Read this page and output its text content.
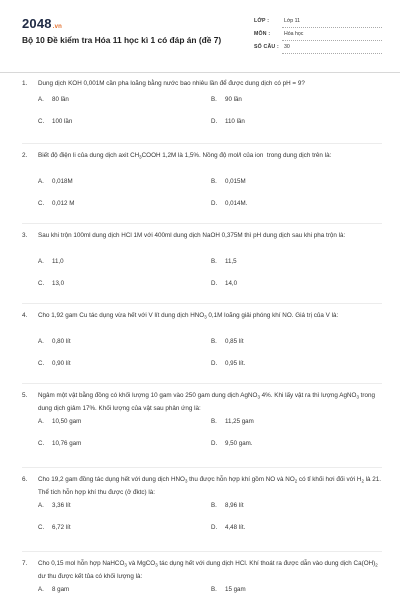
2048.vn
Bộ 10 Đề kiểm tra Hóa 11 học kì 1 có đáp án (đề 7)
LỚP :	Lớp 11
MÔN :	Hóa học
SỐ CÂU : 30
1. Dung dịch KOH 0,001M cần pha loãng bằng nước bao nhiêu lần để được dung dịch có pH = 9?
A. 80 lần	B. 90 lần
C. 100 lần	D. 110 lần
2. Biết độ điện li của dung dịch axit $CH_3COOH$ 1,2M là 1,5%. Nồng độ mol/l của ion  trong dung dịch trên là:
A. 0,018M	B. 0,015M
C. 0,012 M	D. 0,014M.
3. Sau khi trộn 100ml dung dịch HCl 1M với 400ml dung dịch NaOH 0,375M thì pH dung dịch sau khi pha trộn là:
A. 11,0	B. 11,5
C. 13,0	D. 14,0
4. Cho 1,92 gam Cu tác dụng vừa hết với V lít dung dịch $HNO_3$ 0,1M loãng giải phóng khí NO. Giá trị của V là:
A. 0,80 lít	B. 0,85 lít
C. 0,90 lít	D. 0,95 lít.
5. Ngâm một vật bằng đồng có khối lượng 10 gam vào 250 gam dung dịch AgNO$_3$ 4%. Khi lấy vật ra thì lượng AgNO$_3$ trong dung dịch giảm 17%. Khối lượng của vật sau phản ứng là:
A. 10,50 gam	B. 11,25 gam
C. 10,76 gam	D. 9,50 gam.
6. Cho 19,2 gam đồng tác dụng hết với dung dịch $HNO_3$ thu được hỗn hợp khí gồm NO và $NO_2$ có tỉ khối hơi đối với $H_2$ là 21. Thể tích hỗn hợp khí thu được (ở đktc) là:
A. 3,36 lít	B. 8,96 lít
C. 6,72 lít	D. 4,48 lít.
7. Cho 0,15 mol hỗn hợp NaHCO$_3$ và MgCO$_3$ tác dụng hết với dung dịch HCl. Khí thoát ra được dẫn vào dung dịch $Ca(OH)_2$ dư thu được kết tủa có khối lượng là:
A. 8 gam	B. 15 gam
